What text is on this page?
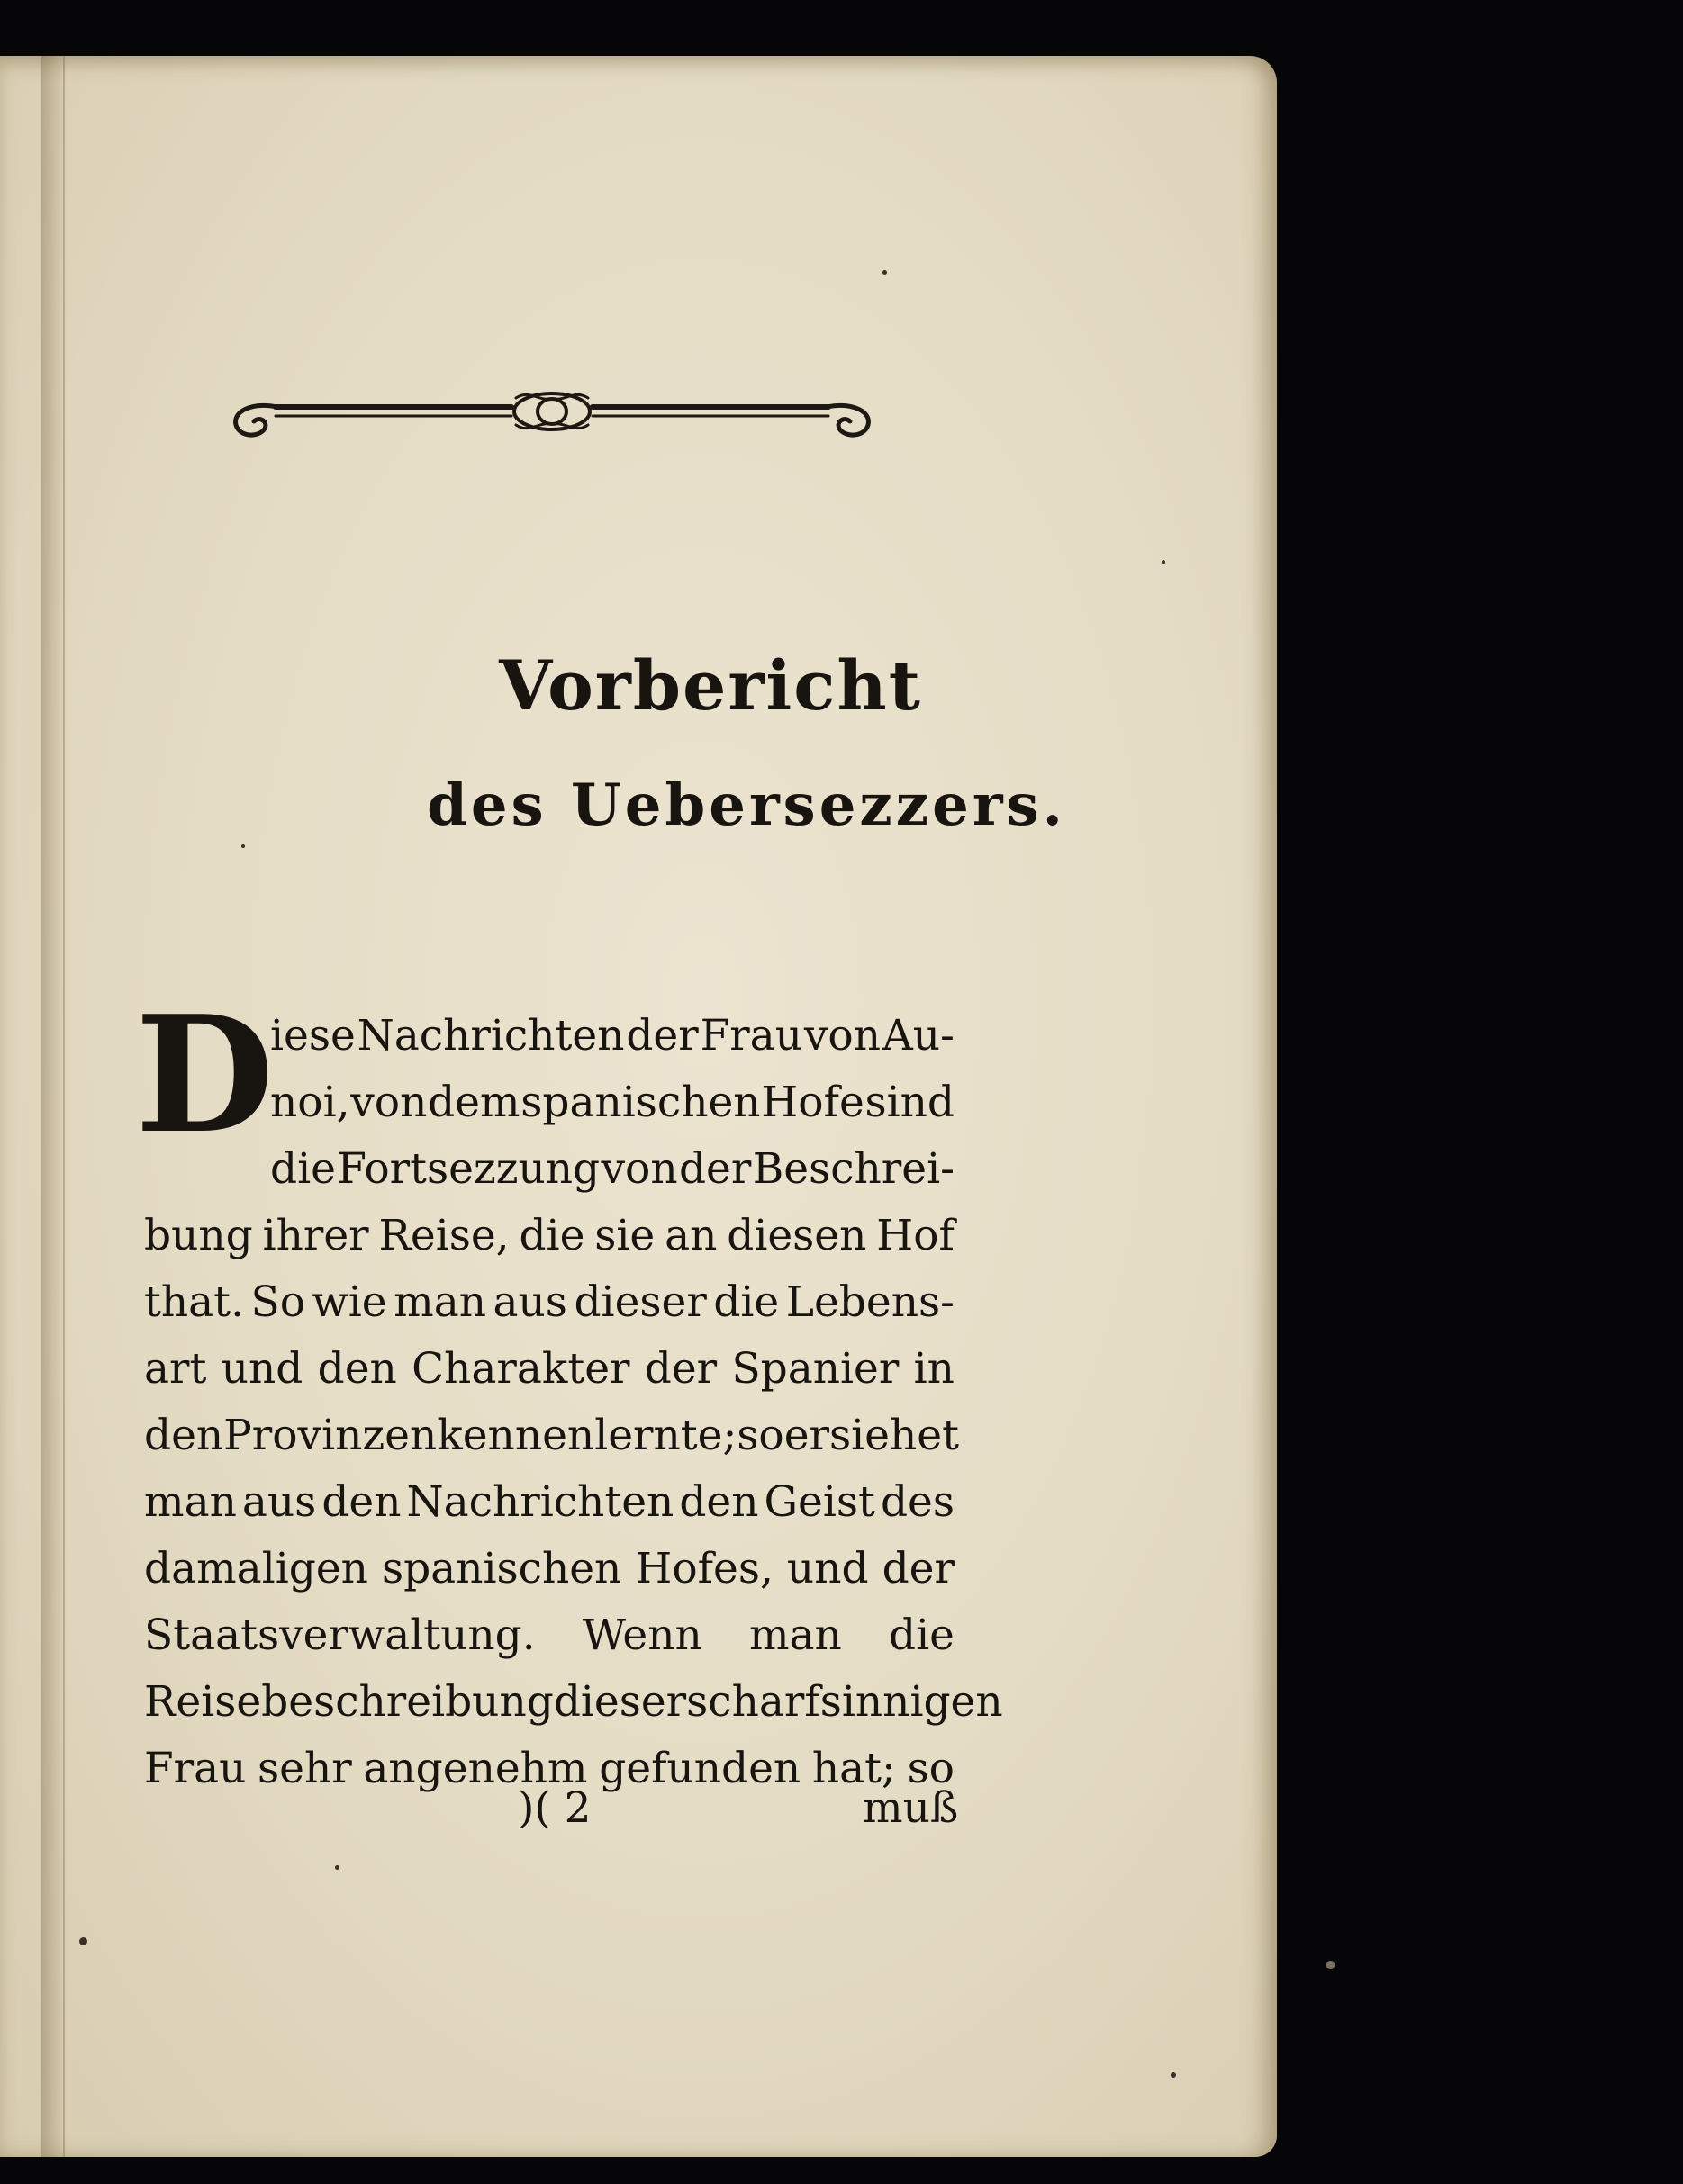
Vorbericht
des Uebersezzers.
D
iese Nachrichten der Frau von Au-
noi, von dem spanischen Hofe sind
die Fortsezzung von der Beschrei-
bung ihrer Reise, die sie an diesen Hof
that. So wie man aus dieser die Lebens-
art und den Charakter der Spanier in
den Provinzen kennen lernte; so ersiehet
man aus den Nachrichten den Geist des
damaligen spanischen Hofes, und der
Staatsverwaltung. Wenn man die
Reisebeschreibung dieser scharfsinnigen
Frau sehr angenehm gefunden hat; so
)( 2	muß
